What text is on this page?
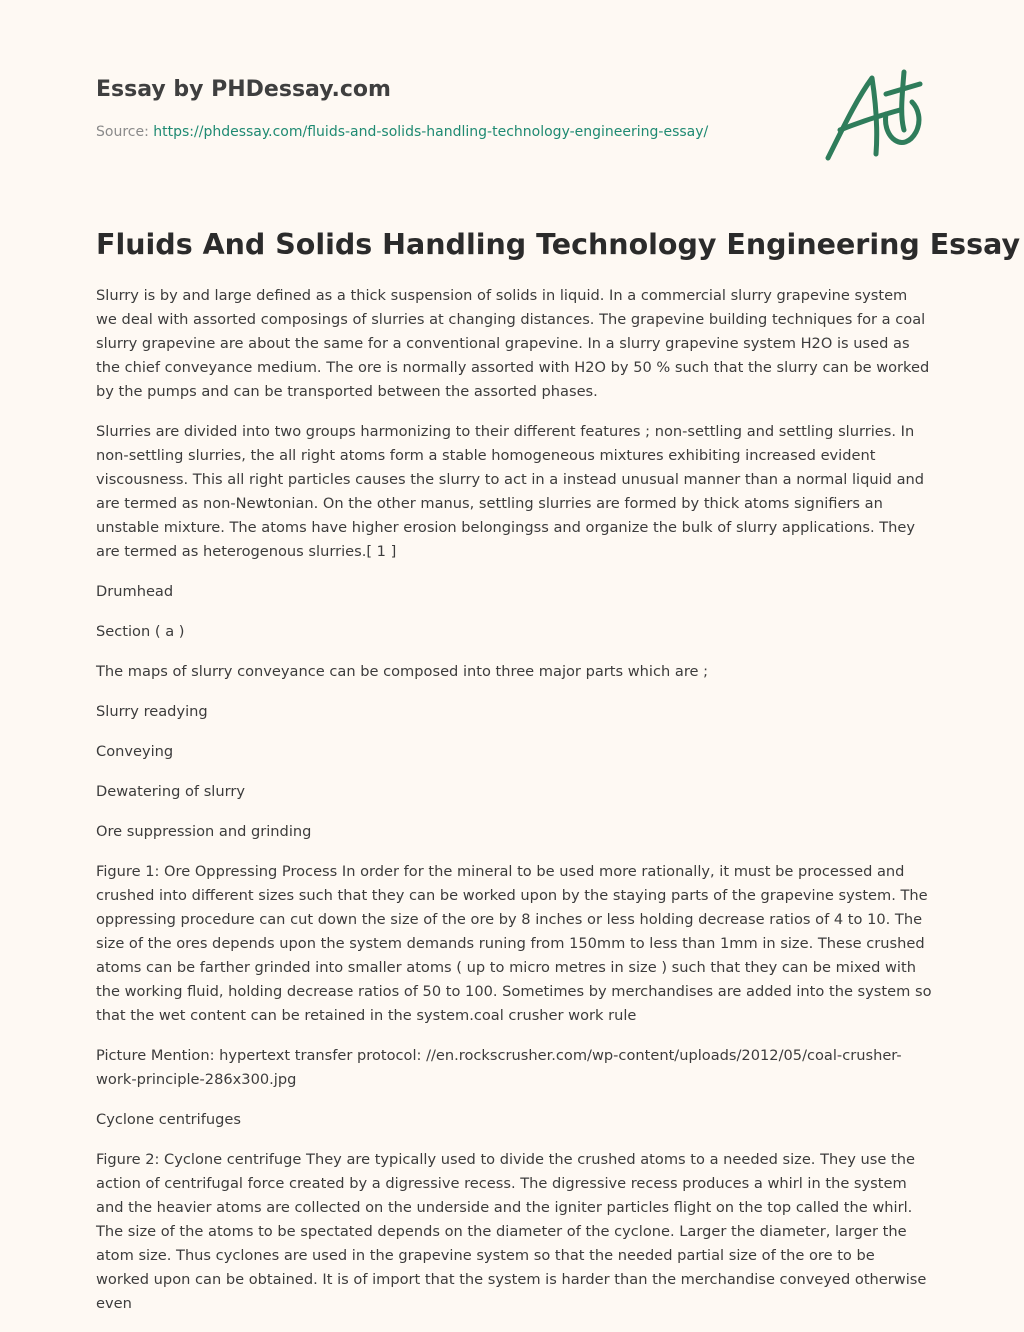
Essay by PHDessay.com
Source: https://phdessay.com/fluids-and-solids-handling-technology-engineering-essay/
Fluids And Solids Handling Technology Engineering Essay

Slurry is by and large defined as a thick suspension of solids in liquid. In a commercial slurry grapevine system we deal with assorted composings of slurries at changing distances. The grapevine building techniques for a coal slurry grapevine are about the same for a conventional grapevine. In a slurry grapevine system H2O is used as the chief conveyance medium. The ore is normally assorted with H2O by 50 % such that the slurry can be worked by the pumps and can be transported between the assorted phases.

Slurries are divided into two groups harmonizing to their different features ; non-settling and settling slurries. In non-settling slurries, the all right atoms form a stable homogeneous mixtures exhibiting increased evident viscousness. This all right particles causes the slurry to act in a instead unusual manner than a normal liquid and are termed as non-Newtonian. On the other manus, settling slurries are formed by thick atoms signifiers an unstable mixture. The atoms have higher erosion belongingss and organize the bulk of slurry applications. They are termed as heterogenous slurries.[ 1 ]

Drumhead

Section ( a )

The maps of slurry conveyance can be composed into three major parts which are ;

Slurry readying

Conveying

Dewatering of slurry

Ore suppression and grinding

Figure 1: Ore Oppressing Process In order for the mineral to be used more rationally, it must be processed and crushed into different sizes such that they can be worked upon by the staying parts of the grapevine system. The oppressing procedure can cut down the size of the ore by 8 inches or less holding decrease ratios of 4 to 10. The size of the ores depends upon the system demands runing from 150mm to less than 1mm in size. These crushed atoms can be farther grinded into smaller atoms ( up to micro metres in size ) such that they can be mixed with the working fluid, holding decrease ratios of 50 to 100. Sometimes by merchandises are added into the system so that the wet content can be retained in the system.coal crusher work rule

Picture Mention: hypertext transfer protocol: //en.rockscrusher.com/wp-content/uploads/2012/05/coal-crusher-work-principle-286x300.jpg

Cyclone centrifuges

Figure 2: Cyclone centrifuge They are typically used to divide the crushed atoms to a needed size. They use the action of centrifugal force created by a digressive recess. The digressive recess produces a whirl in the system and the heavier atoms are collected on the underside and the igniter particles flight on the top called the whirl. The size of the atoms to be spectated depends on the diameter of the cyclone. Larger the diameter, larger the atom size. Thus cyclones are used in the grapevine system so that the needed partial size of the ore to be worked upon can be obtained. It is of import that the system is harder than the merchandise conveyed otherwise even
